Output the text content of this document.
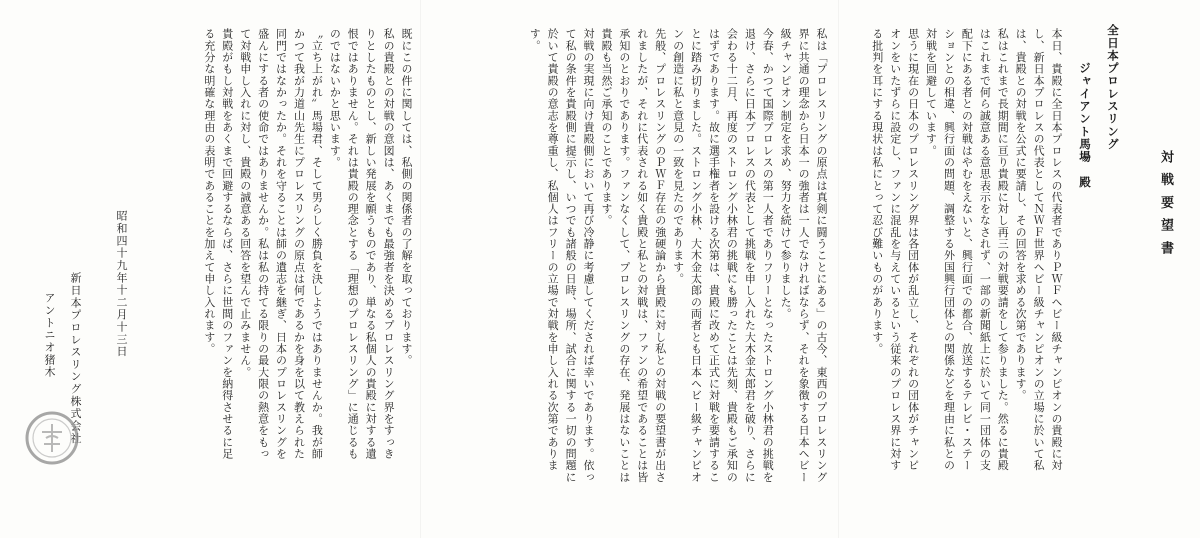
対戦要望書
全日本プロレスリング
ジャイアント馬場　殿
本日、貴殿に全日本プロレスの代表者でありＰＷＦヘビー級チャンピオンの貴殿に対し、新日本プロレスの代表としてＮＷＦ世界ヘビー級チャンピオンの立場に於いて私は、貴殿との対戦を公式に要請し、その回答を求める次第であります。
私はこれまで長期間に亘り貴殿に対し再三の対戦要請をして参りました。然るに貴殿はこれまで何ら誠意ある意思表示をなされず、一部の新聞紙上に於いて同一団体の支配下にある者との対戦はやむをえないと、興行面での都合、放送するテレビ・ステーションとの相違、興行面の問題、調整する外国興行団体との関係などを理由に私との対戦を回避しています。
思うに現在の日本のプロレスリング界は各団体が乱立し、それぞれの団体がチャンピオンをいたずらに設定し、ファンに混乱を与えているという従来のプロレス界に対する批判を耳にする現状は私にとって忍び難いものがあります。
私は「プロレスリングの原点は真剣に闘うことにある」の古今、東西のプロレスリング界に共通の理念から日本一の強者は一人でなければならず、それを象徴する日本ヘビー級チャンピオン制定を求め、努力を続けて参りました。
今春、かつて国際プロレスの第一人者でありフリーとなったストロング小林君の挑戦を退け、さらに日本プロレスの代表として挑戦を申し入れた大木金太郎君を破り、さらに会わる十二月、再度のストロング小林君の挑戦にも勝ったことは先刻、貴殿もご承知のはずであります。故に選手権者を設ける次第は、貴殿に改めて正式に対戦を要請することに踏み切りました。ストロング小林、大木金太郎の両者とも日本ヘビー級チャンピオンの創造に私と意見の一致を見たのであります。
先般、プロレスリングのＰＷＦ存在の強硬論から貴殿に対し私との対戦の要望書が出されましたが、それに代表される如く貴殿と私との対戦は、ファンの希望であることは皆承知のとおりであります。ファンなくして、プロレスリングの存在、発展はないことは貴殿も当然ご承知のことであります。
対戦の実現に向け貴殿側において再び冷静に考慮してくだされば幸いであります。依って私の条件を貴殿側に提示し、いつでも諸般の日時、場所、試合に関する一切の問題に於いて貴殿の意志を尊重し、私個人はフリーの立場で対戦を申し入れる次第であります。
既にこの件に関しては、私側の関係者の了解を取っております。
私の貴殿との対戦の意図は、あくまでも最強者を決めるプロレスリング界をすっきりとしたものとし、新しい発展を願うものであり、単なる私個人の貴殿に対する遺恨ではありません。それは貴殿の理念とする「理想のプロレスリング」に通じるものではないかと思います。
〝立ち上がれ〟馬場君、そして男らしく勝負を決しようではありませんか。我が師かつて我が力道山先生にプロレスリングの原点は何であるかを身を以て教えられた同門ではなかったか。それを守ることは師の遺志を継ぎ、日本のプロレスリングを盛んにする者の使命ではありませんか。私は私の持てる限りの最大限の熱意をもって対戦申し入れに対し、貴殿の誠意ある回答を望んで止みません。
貴殿がもし対戦をあくまで回避するならば、さらに世間のファンを納得させるに足る充分な明確な理由の表明であることを加えて申し入れます。
昭和四十九年十二月十三日
新日本プロレスリング株式会社
アントニオ猪木
